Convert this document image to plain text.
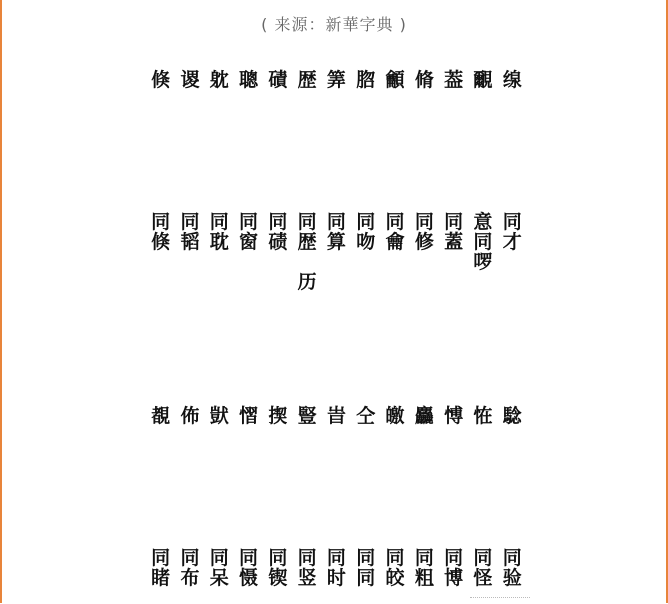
( 来源：新華字典 )
倏 谡 躭 聰 磧 歴 筭 脗 龥 脩 葢 覼 缐
同
倏
同
韬
同
耽
同
窗
同
碛
同
歴
历
同
算
同
吻
同
龠
同
修
同
蓋
意
同
啰
同
才
覩 佈 獃 慴 揳 豎 旹 仝 皦 麤 愽 恠 騐
同
睹
同
布
同
呆
同
慑
同
锲
同
竖
同
时
同
同
同
皎
同
粗
同
博
同
怪
同
验
